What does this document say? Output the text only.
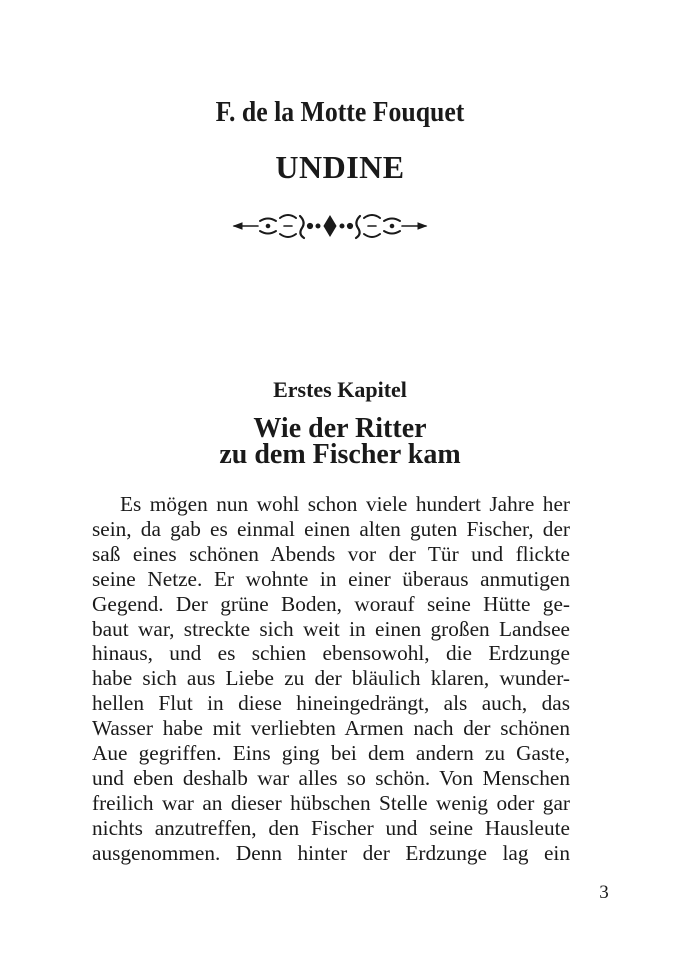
F. de la Motte Fouquet
UNDINE
Erstes Kapitel
Wie der Ritter
zu dem Fischer kam
Es mögen nun wohl schon viele hundert Jahre her
sein, da gab es einmal einen alten guten Fischer, der
saß eines schönen Abends vor der Tür und flickte
seine Netze. Er wohnte in einer überaus anmutigen
Gegend. Der grüne Boden, worauf seine Hütte ge-
baut war, streckte sich weit in einen großen Landsee
hinaus, und es schien ebensowohl, die Erdzunge
habe sich aus Liebe zu der bläulich klaren, wunder-
hellen Flut in diese hineingedrängt, als auch, das
Wasser habe mit verliebten Armen nach der schönen
Aue gegriffen. Eins ging bei dem andern zu Gaste,
und eben deshalb war alles so schön. Von Menschen
freilich war an dieser hübschen Stelle wenig oder gar
nichts anzutreffen, den Fischer und seine Hausleute
ausgenommen. Denn hinter der Erdzunge lag ein
3
